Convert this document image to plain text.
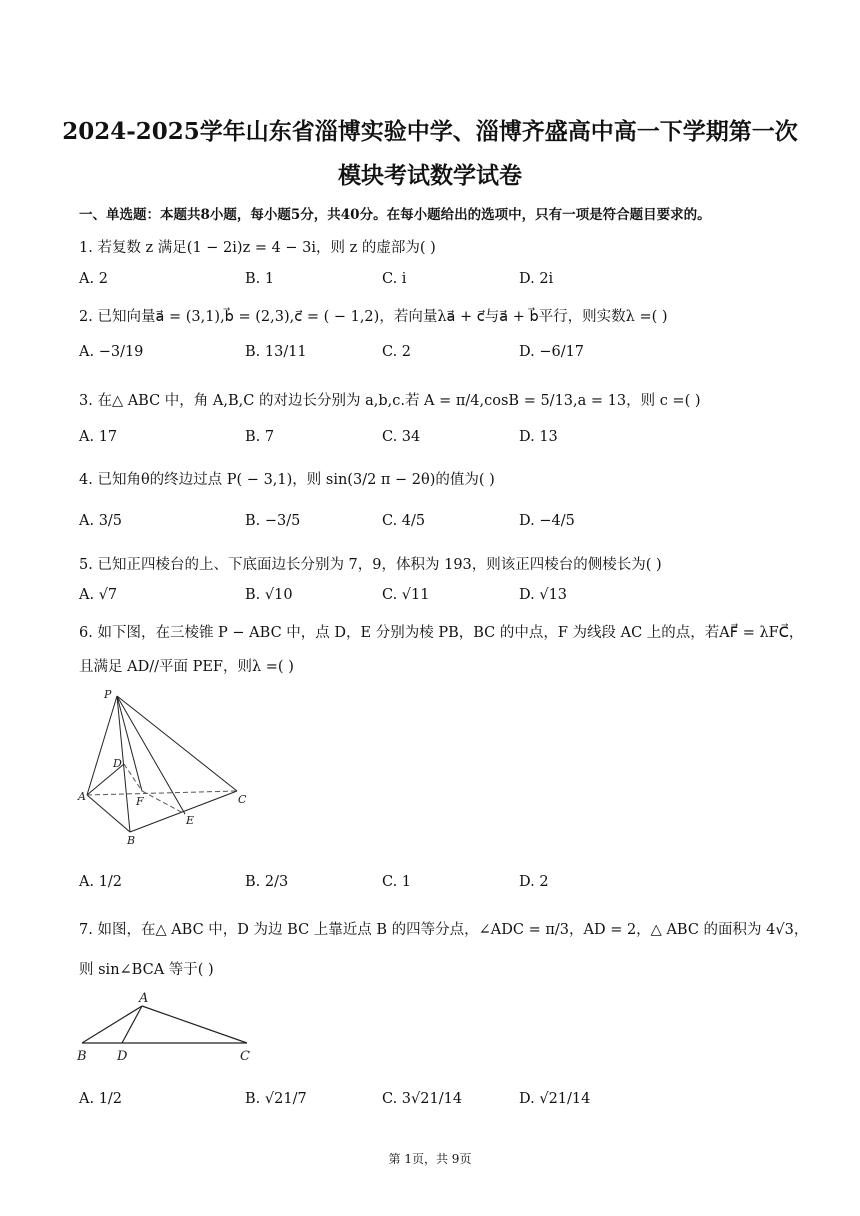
2024-2025学年山东省淄博实验中学、淄博齐盛高中高一下学期第一次
模块考试数学试卷
一、单选题：本题共8小题，每小题5分，共40分。在每小题给出的选项中，只有一项是符合题目要求的。
1. 若复数 z 满足(1 − 2i)z = 4 − 3i，则 z 的虚部为( )
A. 2	B. 1	C. i	D. 2i
2. 已知向量a⃗ = (3,1),b⃗ = (2,3),c⃗ = ( − 1,2)，若向量λa⃗ + c⃗与a⃗ + b⃗平行，则实数λ =( )
A. −3/19	B. 13/11	C. 2	D. −6/17
3. 在△ ABC 中，角 A,B,C 的对边长分别为 a,b,c.若 A = π/4,cosB = 5/13,a = 13，则 c =( )
A. 17	B. 7	C. 34	D. 13
4. 已知角θ的终边过点 P( − 3,1)，则 sin(3/2 π − 2θ)的值为( )
A. 3/5	B. −3/5	C. 4/5	D. −4/5
5. 已知正四棱台的上、下底面边长分别为 7，9，体积为 193，则该正四棱台的侧棱长为( )
A. √7	B. √10	C. √11	D. √13
6. 如下图，在三棱锥 P − ABC 中，点 D，E 分别为棱 PB，BC 的中点，F 为线段 AC 上的点，若AF⃗ = λFC⃗，
且满足 AD//平面 PEF，则λ =( )
P
D
A	F	C
E
B
A. 1/2	B. 2/3	C. 1	D. 2
7. 如图，在△ ABC 中，D 为边 BC 上靠近点 B 的四等分点，∠ADC = π/3，AD = 2，△ ABC 的面积为 4√3，
则 sin∠BCA 等于( )
A
B D	C
A. 1/2	B. √21/7	C. 3√21/14	D. √21/14
第 1页，共 9页
